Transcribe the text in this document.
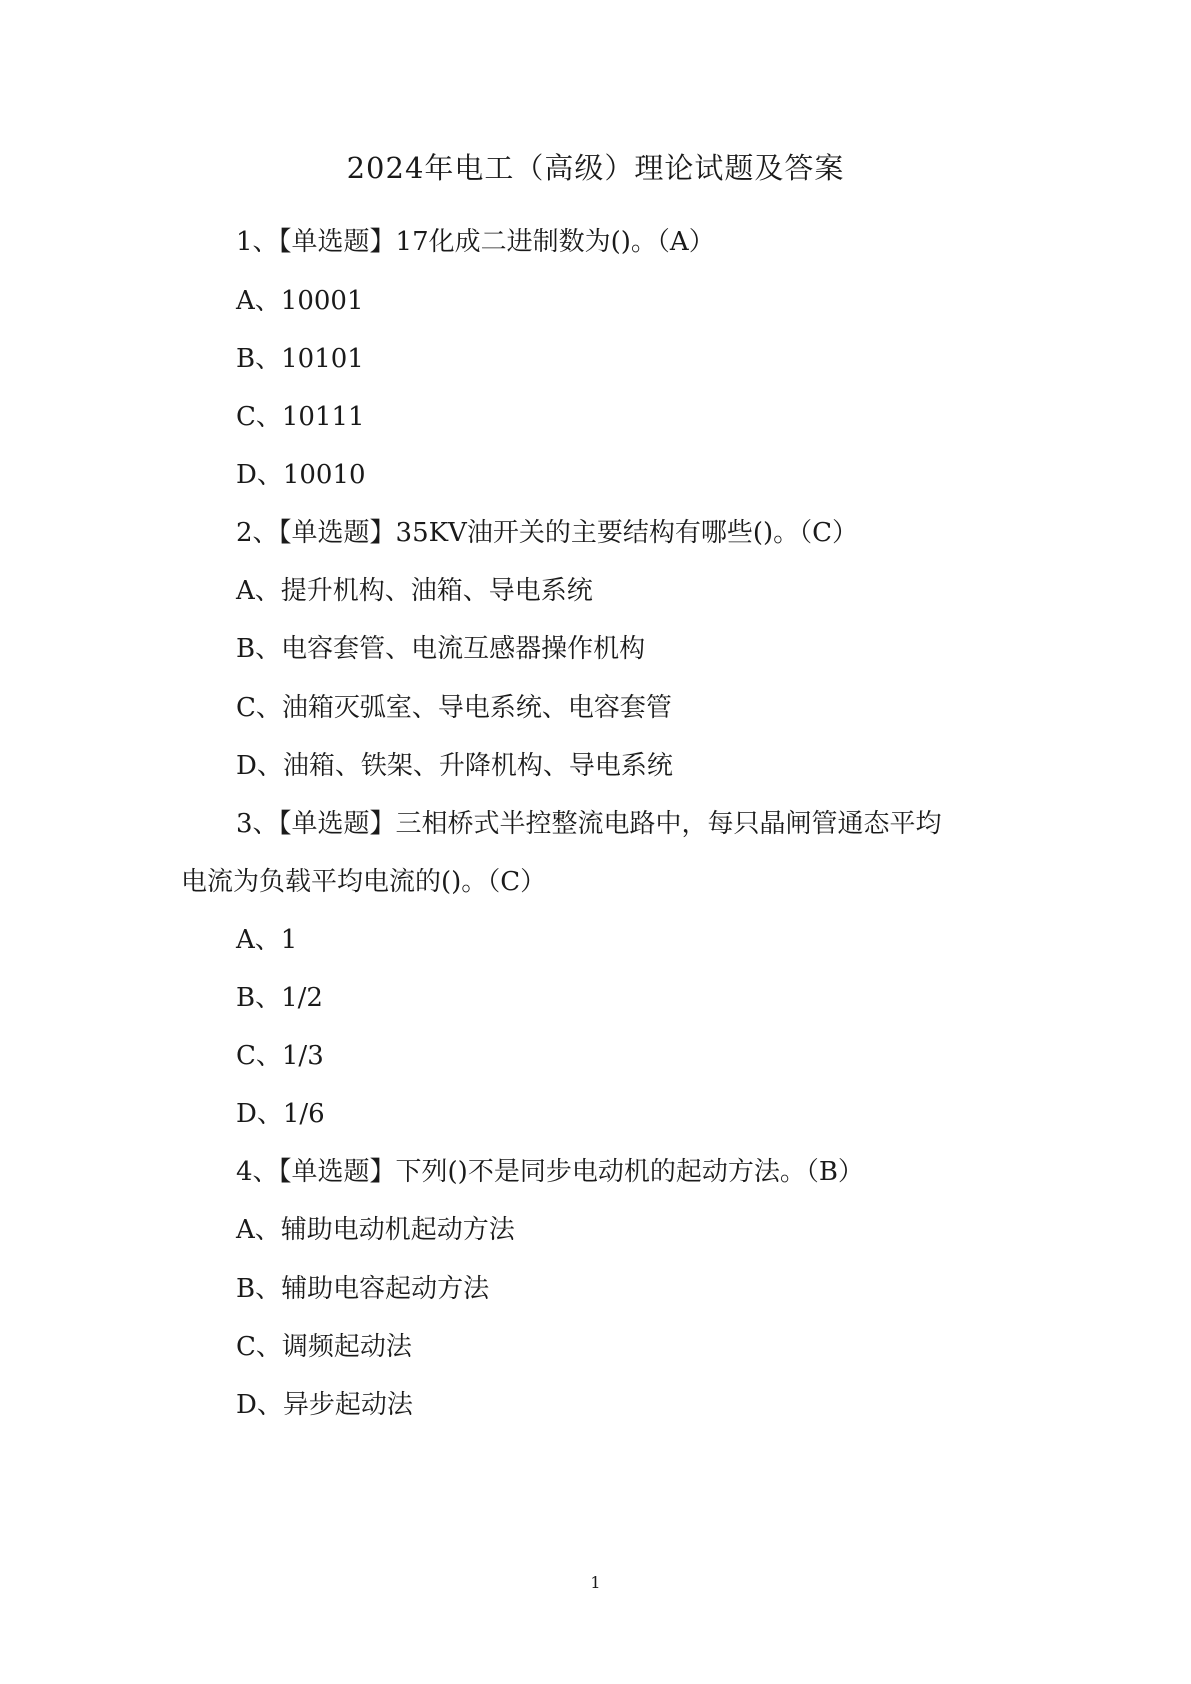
2024年电工（高级）理论试题及答案
1、【单选题】17化成二进制数为()。（A）
A、10001
B、10101
C、10111
D、10010
2、【单选题】35KV油开关的主要结构有哪些()。（C）
A、提升机构、油箱、导电系统
B、电容套管、电流互感器操作机构
C、油箱灭弧室、导电系统、电容套管
D、油箱、铁架、升降机构、导电系统
3、【单选题】三相桥式半控整流电路中，每只晶闸管通态平均
电流为负载平均电流的()。（C）
A、1
B、1/2
C、1/3
D、1/6
4、【单选题】下列()不是同步电动机的起动方法。（B）
A、辅助电动机起动方法
B、辅助电容起动方法
C、调频起动法
D、异步起动法
1
